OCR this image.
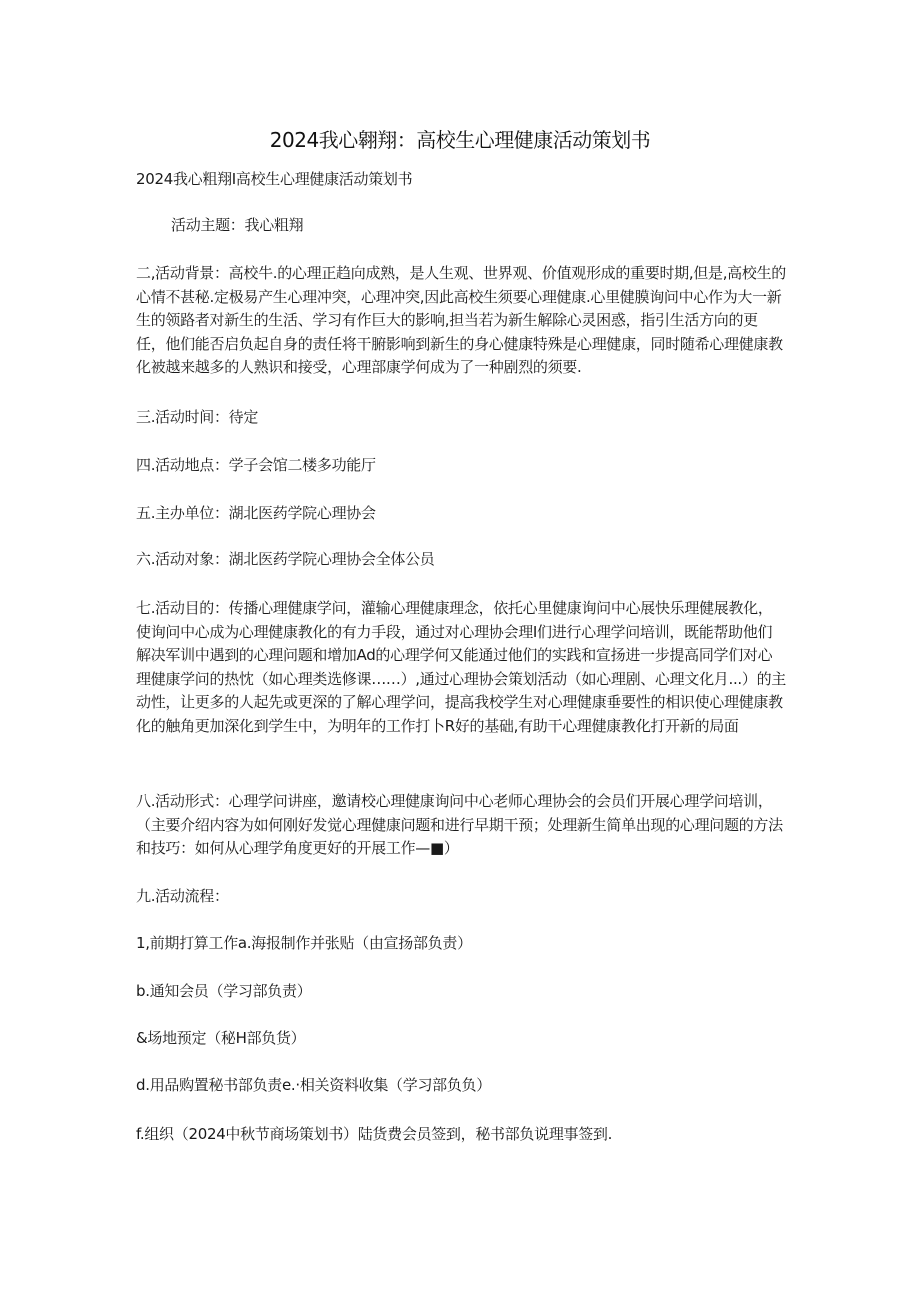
2024我心翱翔：高校生心理健康活动策划书

2024我心粗翔I高校生心理健康活动策划书

活动主题：我心粗翔

二,活动背景：高校牛.的心理正趋向成熟，是人生观、世界观、价值观形成的重要时期,但是,高校生的心情不甚秘.定极易产生心理冲突，心理冲突,因此高校生须要心理健康.心里健膜询问中心作为大一新生的领路者对新生的生活、学习有作巨大的影响,担当若为新生解除心灵困惑，指引生活方向的更任，他们能否启负起自身的责任将干腑影响到新生的身心健康特殊是心理健康，同时随希心理健康教化被越来越多的人熟识和接受，心理部康学何成为了一种剧烈的须要.

三.活动时间：待定

四.活动地点：学子会馆二楼多功能厅

五.主办单位：湖北医药学院心理协会

六.活动对象：湖北医药学院心理协会全体公员

七.活动目的：传播心理健康学问，灌输心理健康理念，依托心里健康询问中心展快乐理健展教化，使询问中心成为心理健康教化的有力手段，通过对心理协会理I们进行心理学问培训，既能帮助他们解决军训中遇到的心理问题和增加Ad的心理学何又能通过他们的实践和宣扬进一步提高同学们对心理健康学问的热忱（如心理类选修课……）,通过心理协会策划活动（如心理剧、心理文化月...）的主动性，让更多的人起先或更深的了解心理学问，提高我校学生对心理健康垂要性的相识使心理健康教化的触角更加深化到学生中，为明年的工作打卜R好的基础,有助干心理健康教化打开新的局面

八.活动形式：心理学问讲座，邀请校心理健康询问中心老师心理协会的会员们开展心理学问培训，（主要介绍内容为如何刚好发觉心理健康问题和进行早期干预；处理新生简单出现的心理问题的方法和技巧：如何从心理学角度更好的开展工作—■）

九.活动流程：

1,前期打算工作a.海报制作并张贴（由宣扬部负责）

b.通知会员（学习部负责）

&场地预定（秘H部负货）

d.用品购置秘书部负责e.·相关资料收集（学习部负负）

f.组织（2024中秋节商场策划书）陆货费会员签到，秘书部负说理事签到.
